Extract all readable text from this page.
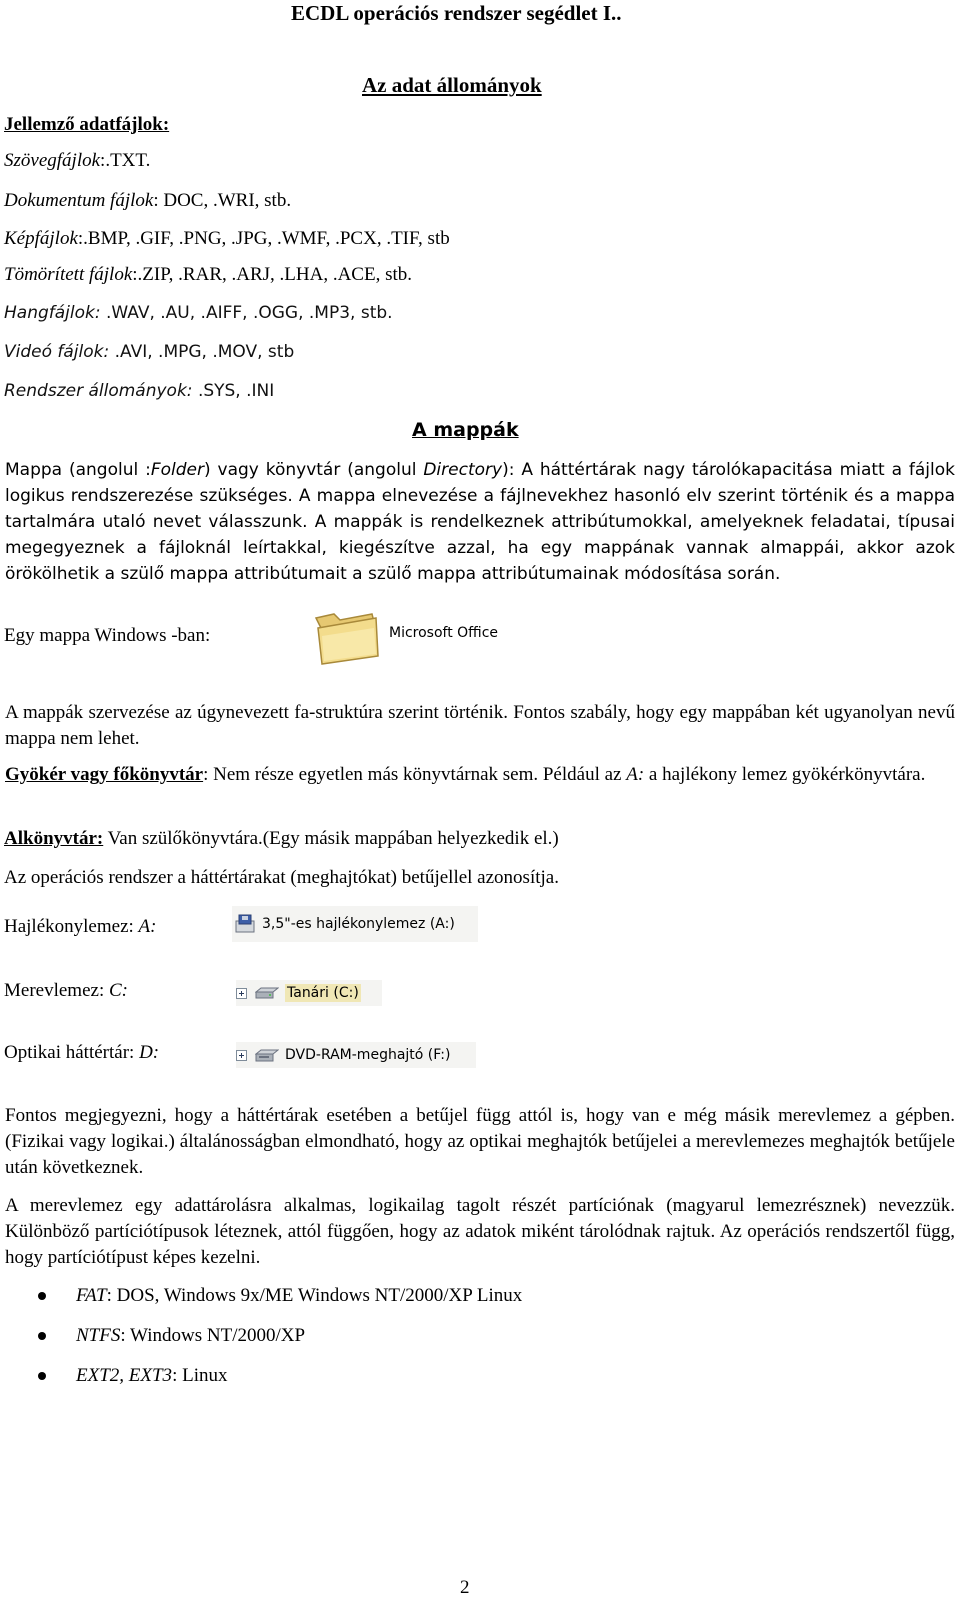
ECDL operációs rendszer segédlet I..
Az adat állományok
Jellemző adatfájlok:
Szövegfájlok:.TXT.
Dokumentum fájlok: DOC, .WRI, stb.
Képfájlok:.BMP, .GIF, .PNG, .JPG, .WMF, .PCX, .TIF, stb
Tömörített fájlok:.ZIP, .RAR, .ARJ, .LHA, .ACE, stb.
Hangfájlok: .WAV, .AU, .AIFF, .OGG, .MP3, stb.
Videó fájlok: .AVI, .MPG, .MOV, stb
Rendszer állományok: .SYS, .INI
A mappák
Mappa (angolul :Folder) vagy könyvtár (angolul Directory): A háttértárak nagy tárolókapacitása miatt a fájlok logikus rendszerezése szükséges. A mappa elnevezése a fájlnevekhez hasonló elv szerint történik és a mappa tartalmára utaló nevet válasszunk. A mappák is rendelkeznek attribútumokkal, amelyeknek feladatai, típusai megegyeznek a fájloknál leírtakkal, kiegészítve azzal, ha egy mappának vannak almappái, akkor azok örökölhetik a szülő mappa attribútumait a szülő mappa attribútumainak módosítása során.
Egy mappa Windows -ban:	Microsoft Office
A mappák szervezése az úgynevezett fa-struktúra szerint történik. Fontos szabály, hogy egy mappában két ugyanolyan nevű mappa nem lehet.
Gyökér vagy főkönyvtár: Nem része egyetlen más könyvtárnak sem. Például az A: a hajlékony lemez gyökérkönyvtára.
Alkönyvtár: Van szülőkönyvtára.(Egy másik mappában helyezkedik el.)
Az operációs rendszer a háttértárakat (meghajtókat) betűjellel azonosítja.
Hajlékonylemez: A:	3,5"-es hajlékonylemez (A:)
Merevlemez: C:	Tanári (C:)
Optikai háttértár: D:	DVD-RAM-meghajtó (F:)
Fontos megjegyezni, hogy a háttértárak esetében a betűjel függ attól is, hogy van e még másik merevlemez a gépben.(Fizikai vagy logikai.) általánosságban elmondható, hogy az optikai meghajtók betűjelei a merevlemezes meghajtók betűjele után következnek.
A merevlemez egy adattárolásra alkalmas, logikailag tagolt részét partíciónak (magyarul lemezrésznek) nevezzük. Különböző partíciótípusok léteznek, attól függően, hogy az adatok miként tárolódnak rajtuk. Az operációs rendszertől függ, hogy partíciótípust képes kezelni.
FAT: DOS, Windows 9x/ME Windows NT/2000/XP Linux
NTFS: Windows NT/2000/XP
EXT2, EXT3: Linux
2
